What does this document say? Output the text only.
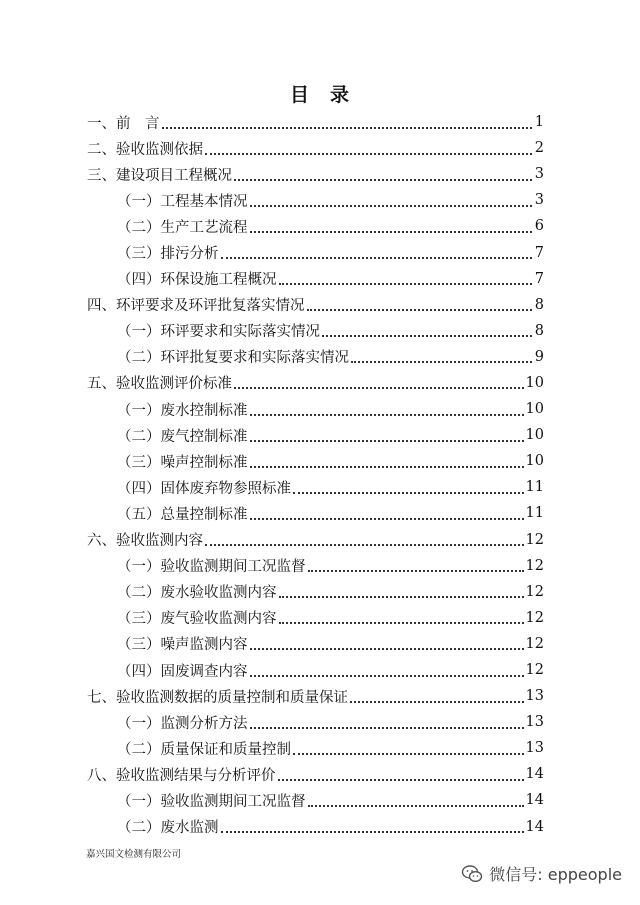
目　录
一、前　言	1
二、验收监测依据	2
三、建设项目工程概况	3
（一）工程基本情况	3
（二）生产工艺流程	6
（三）排污分析	7
（四）环保设施工程概况	7
四、环评要求及环评批复落实情况	8
（一）环评要求和实际落实情况	8
（二）环评批复要求和实际落实情况	9
五、验收监测评价标准	10
（一）废水控制标准	10
（二）废气控制标准	10
（三）噪声控制标准	10
（四）固体废弃物参照标准	11
（五）总量控制标准	11
六、验收监测内容	12
（一）验收监测期间工况监督	12
（二）废水验收监测内容	12
（三）废气验收监测内容	12
（三）噪声监测内容	12
（四）固废调查内容	12
七、验收监测数据的质量控制和质量保证	13
（一）监测分析方法	13
（二）质量保证和质量控制	13
八、验收监测结果与分析评价	14
（一）验收监测期间工况监督	14
（二）废水监测	14
嘉兴国文检测有限公司
微信号: eppeople
